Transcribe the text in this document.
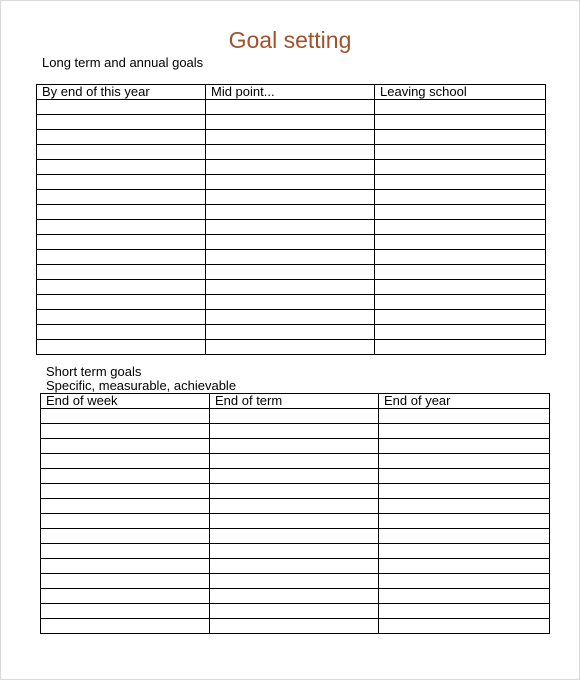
Goal setting
Long term and annual goals
By end of this year	Mid point...	Leaving school

Short term goals
Specific, measurable, achievable
End of week	End of term	End of year
